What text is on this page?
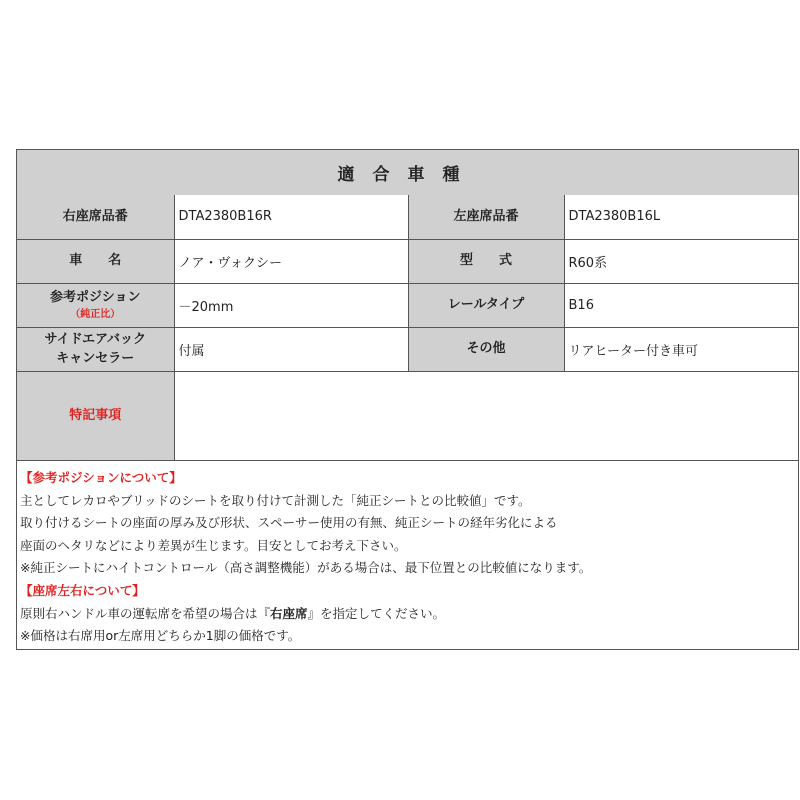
適合車種
右座席品番	DTA2380B16R	左座席品番	DTA2380B16L
車　　名	ノア・ヴォクシー	型　　式	R60系

参考ポジション
（純正比）	－20mm	レールタイプ	B16

サイドエアバック
キャンセラー	付属	その他	リアヒーター付き車可
特記事項			
【参考ポジションについて】
主としてレカロやブリッドのシートを取り付けて計測した「純正シートとの比較値」です。
取り付けるシートの座面の厚み及び形状、スペーサー使用の有無、純正シートの経年劣化による
座面のヘタリなどにより差異が生じます。目安としてお考え下さい。
※純正シートにハイトコントロール（高さ調整機能）がある場合は、最下位置との比較値になります。
【座席左右について】
原則右ハンドル車の運転席を希望の場合は『右座席』を指定してください。
※価格は右席用or左席用どちらか1脚の価格です。
